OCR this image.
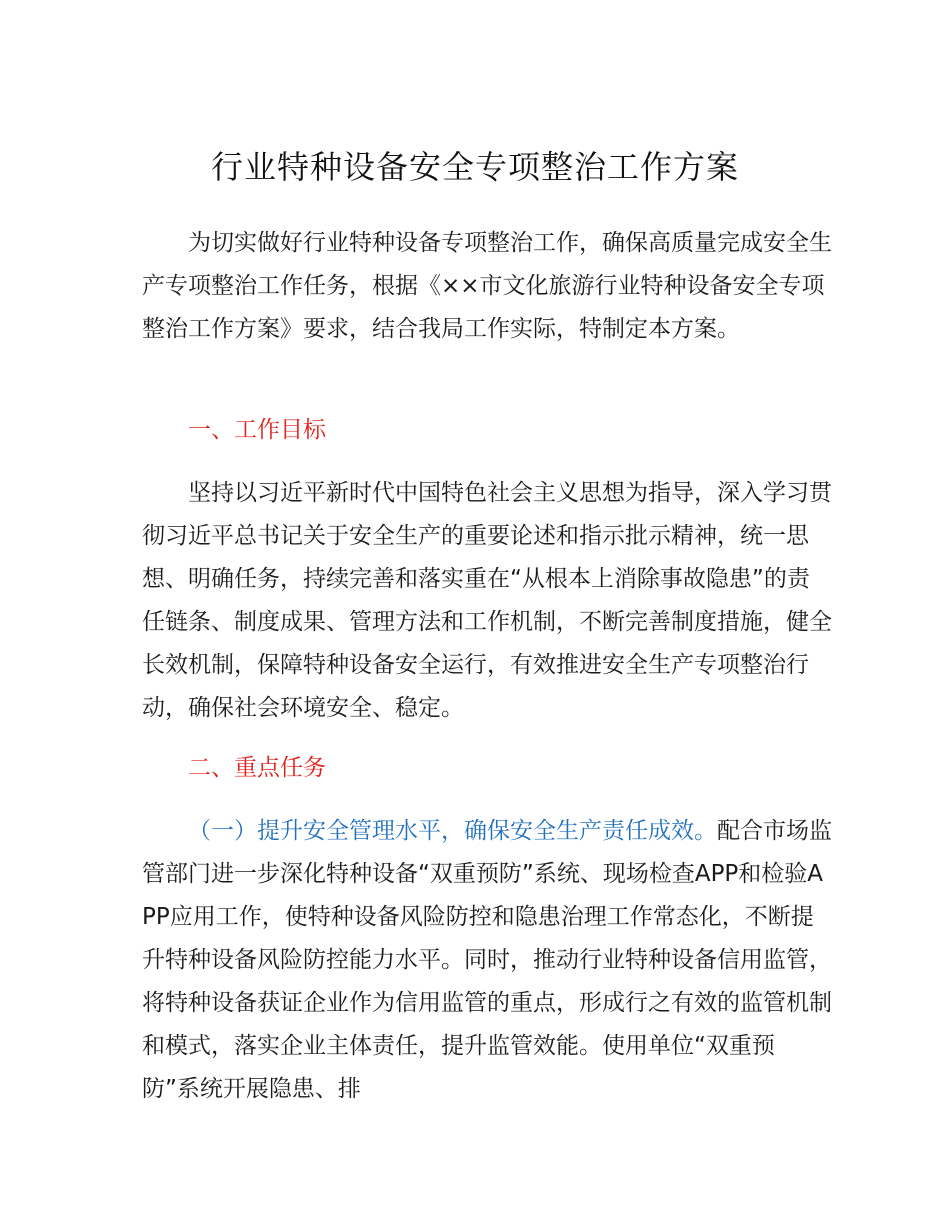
行业特种设备安全专项整治工作方案

为切实做好行业特种设备专项整治工作，确保高质量完成安全生产专项整治工作任务，根据《××市文化旅游行业特种设备安全专项整治工作方案》要求，结合我局工作实际，特制定本方案。

一、工作目标

坚持以习近平新时代中国特色社会主义思想为指导，深入学习贯彻习近平总书记关于安全生产的重要论述和指示批示精神，统一思想、明确任务，持续完善和落实重在“从根本上消除事故隐患”的责任链条、制度成果、管理方法和工作机制，不断完善制度措施，健全长效机制，保障特种设备安全运行，有效推进安全生产专项整治行动，确保社会环境安全、稳定。

二、重点任务

（一）提升安全管理水平，确保安全生产责任成效。配合市场监管部门进一步深化特种设备“双重预防”系统、现场检查APP和检验APP应用工作，使特种设备风险防控和隐患治理工作常态化，不断提升特种设备风险防控能力水平。同时，推动行业特种设备信用监管，将特种设备获证企业作为信用监管的重点，形成行之有效的监管机制和模式，落实企业主体责任，提升监管效能。使用单位“双重预防”系统开展隐患、排
